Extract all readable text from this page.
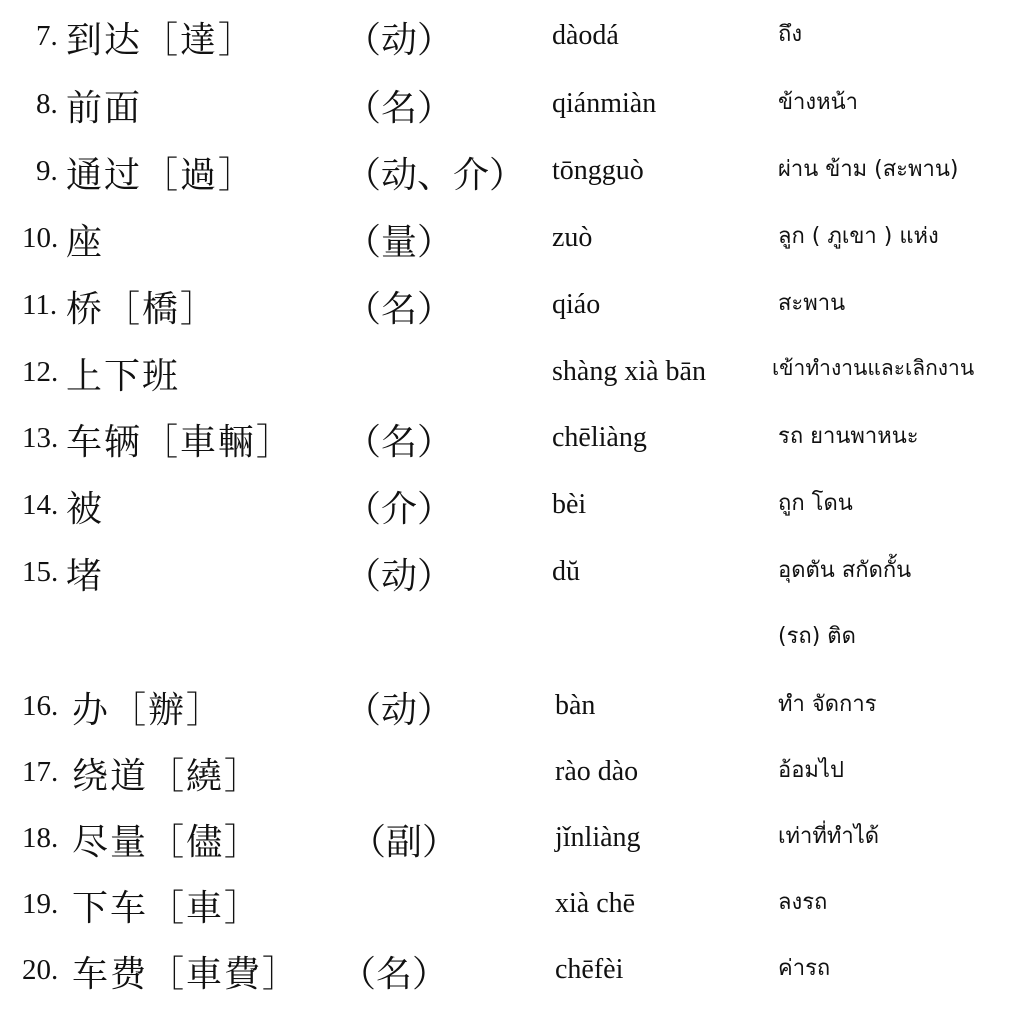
7. 到达［達］ （动）	dàodá	ถึง
8. 前面	（名）	qiánmiàn	ข้างหน้า
9. 通过［過］ （动、介） tōngguò	ผ่าน ข้าม (สะพาน)
10. 座	（量）	zuò	ลูก ( ภูเขา ) แห่ง
11. 桥［橋］	（名）	qiáo	สะพาน
12. 上下班	shàng xià bān	เข้าทำงานและเลิกงาน
13. 车辆［車輛］ （名）	chēliàng	รถ ยานพาหนะ
14. 被	（介）	bèi	ถูก โดน
15. 堵	（动）	dŭ	อุดตัน สกัดกั้น
(รถ) ติด
16. 办［辦］	（动）	bàn	ทำ จัดการ
17. 绕道［繞］	rào dào	อ้อมไป
18. 尽量［儘］ （副）	jǐnliàng	เท่าที่ทำได้
19. 下车［車］	xià chē	ลงรถ
20. 车费［車費］ （名）	chēfèi	ค่ารถ
